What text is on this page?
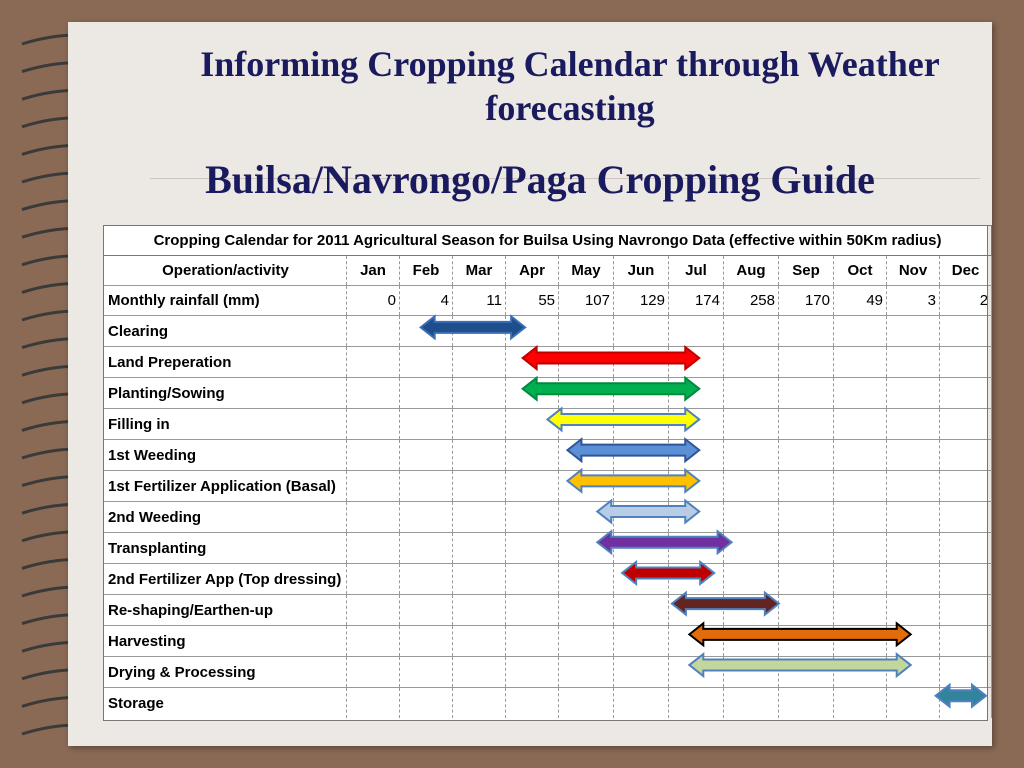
Informing Cropping Calendar through Weather forecasting
Builsa/Navrongo/Paga Cropping Guide
Cropping Calendar for 2011 Agricultural Season for Builsa Using Navrongo Data (effective within 50Km radius)												
Operation/activity	Jan	Feb	Mar	Apr	May	Jun	Jul	Aug	Sep	Oct	Nov	Dec
Monthly rainfall (mm)	0	4	11	55	107	129	174	258	170	49	3	2
Clearing												
Land Preperation												
Planting/Sowing												
Filling in												
1st Weeding												
1st Fertilizer Application (Basal)												
2nd Weeding												
Transplanting												
2nd Fertilizer App (Top dressing)												
Re-shaping/Earthen-up												
Harvesting												
Drying & Processing												
Storage												
